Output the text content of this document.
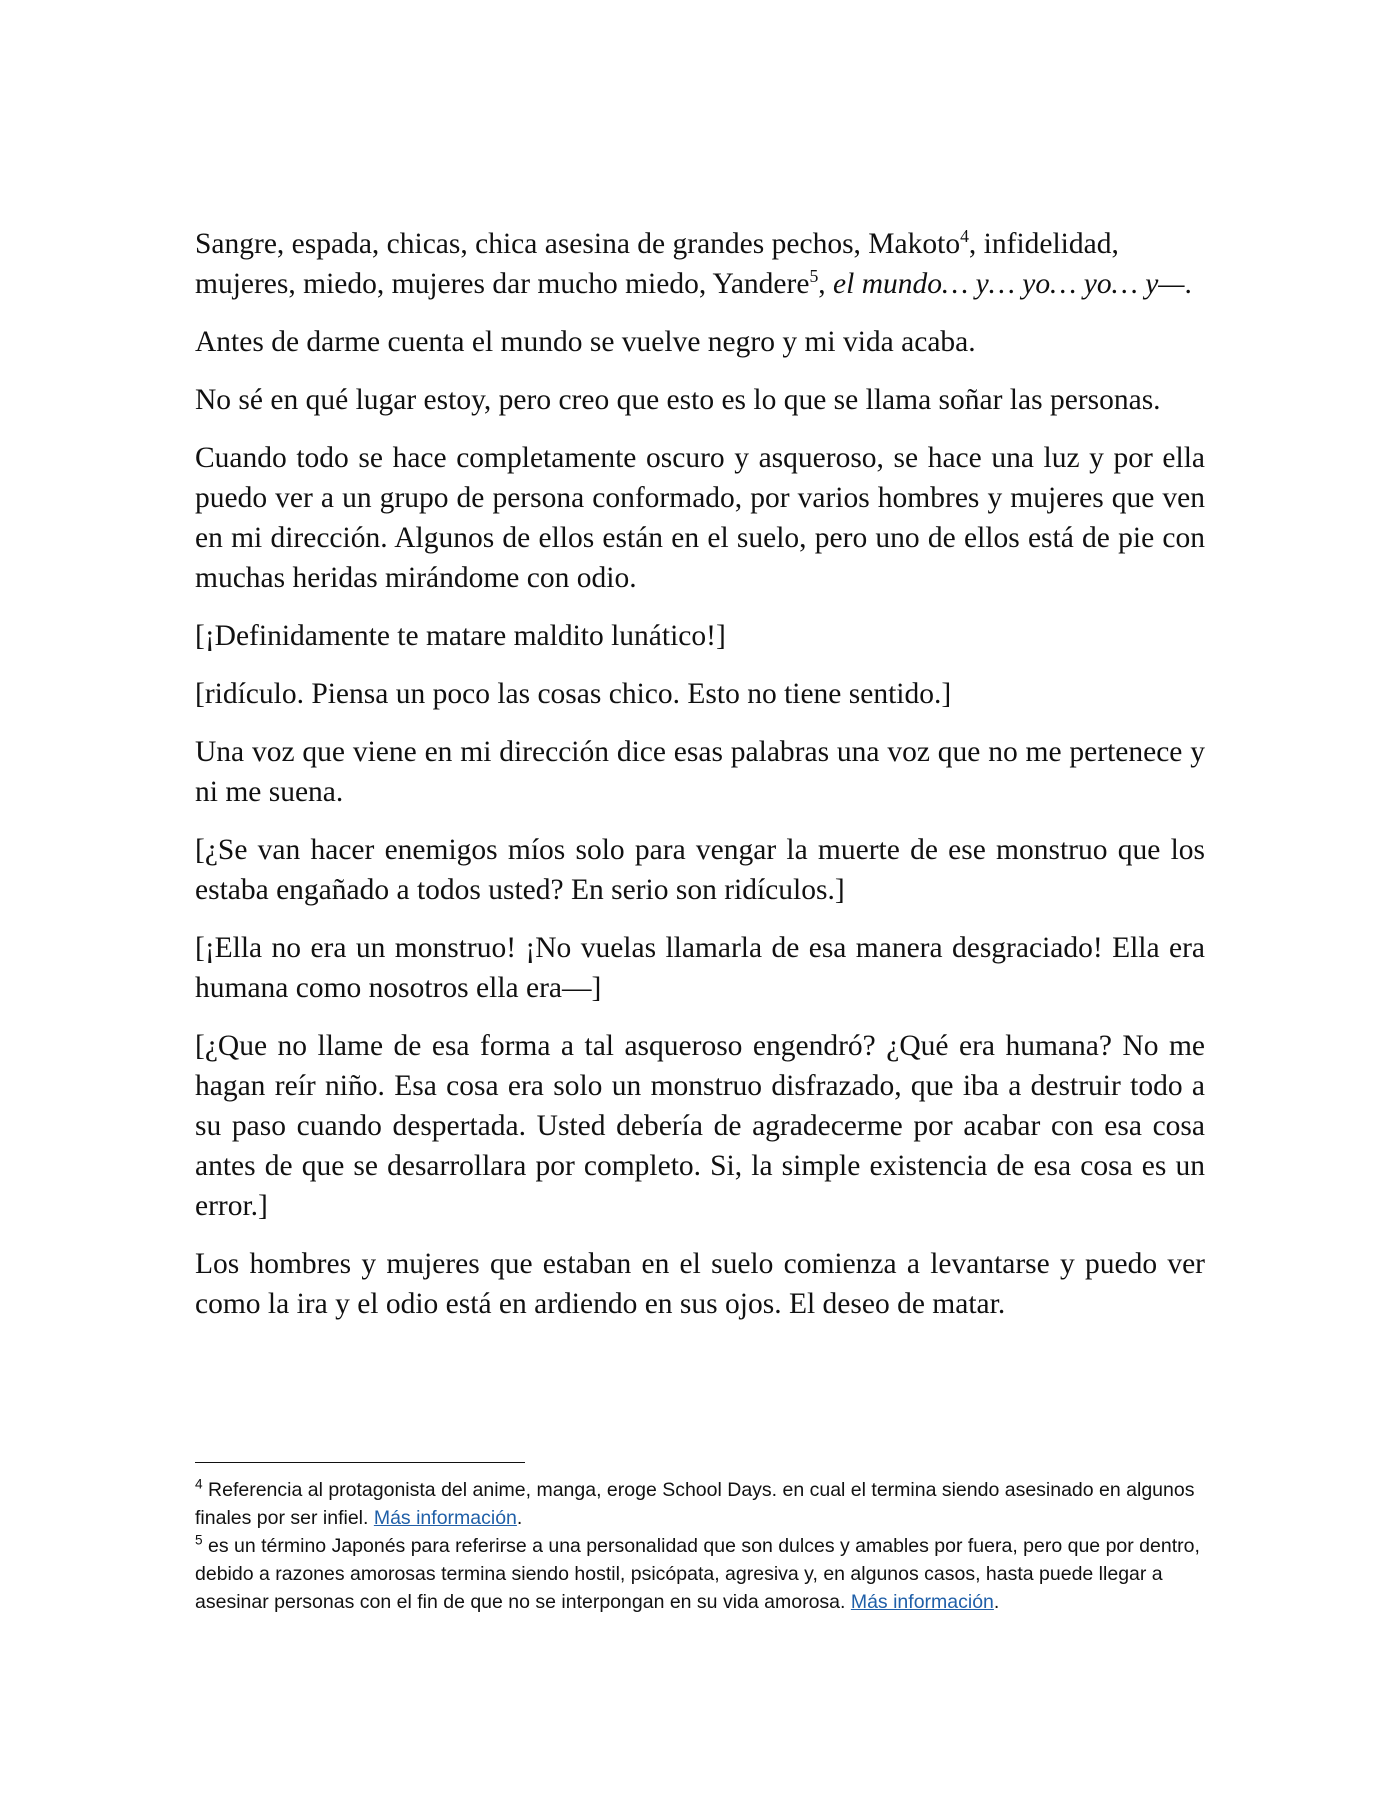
Sangre, espada, chicas, chica asesina de grandes pechos, Makoto$^4$, infidelidad, mujeres, miedo, mujeres dar mucho miedo, Yandere$^5$, el mundo… y… yo… yo… y—.

Antes de darme cuenta el mundo se vuelve negro y mi vida acaba.

No sé en qué lugar estoy, pero creo que esto es lo que se llama soñar las personas.

Cuando todo se hace completamente oscuro y asqueroso, se hace una luz y por ella puedo ver a un grupo de persona conformado, por varios hombres y mujeres que ven en mi dirección. Algunos de ellos están en el suelo, pero uno de ellos está de pie con muchas heridas mirándome con odio.

[¡Definidamente te matare maldito lunático!]

[ridículo. Piensa un poco las cosas chico. Esto no tiene sentido.]

Una voz que viene en mi dirección dice esas palabras una voz que no me pertenece y ni me suena.

[¿Se van hacer enemigos míos solo para vengar la muerte de ese monstruo que los estaba engañado a todos usted? En serio son ridículos.]

[¡Ella no era un monstruo! ¡No vuelas llamarla de esa manera desgraciado! Ella era humana como nosotros ella era—]

[¿Que no llame de esa forma a tal asqueroso engendró? ¿Qué era humana? No me hagan reír niño. Esa cosa era solo un monstruo disfrazado, que iba a destruir todo a su paso cuando despertada. Usted debería de agradecerme por acabar con esa cosa antes de que se desarrollara por completo. Si, la simple existencia de esa cosa es un error.]

Los hombres y mujeres que estaban en el suelo comienza a levantarse y puedo ver como la ira y el odio está en ardiendo en sus ojos. El deseo de matar.

$^4$ Referencia al protagonista del anime, manga, eroge School Days. en cual el termina siendo asesinado en algunos finales por ser infiel. Más información.

$^5$ es un término Japonés para referirse a una personalidad que son dulces y amables por fuera, pero que por dentro, debido a razones amorosas termina siendo hostil, psicópata, agresiva y, en algunos casos, hasta puede llegar a asesinar personas con el fin de que no se interpongan en su vida amorosa. Más información.
